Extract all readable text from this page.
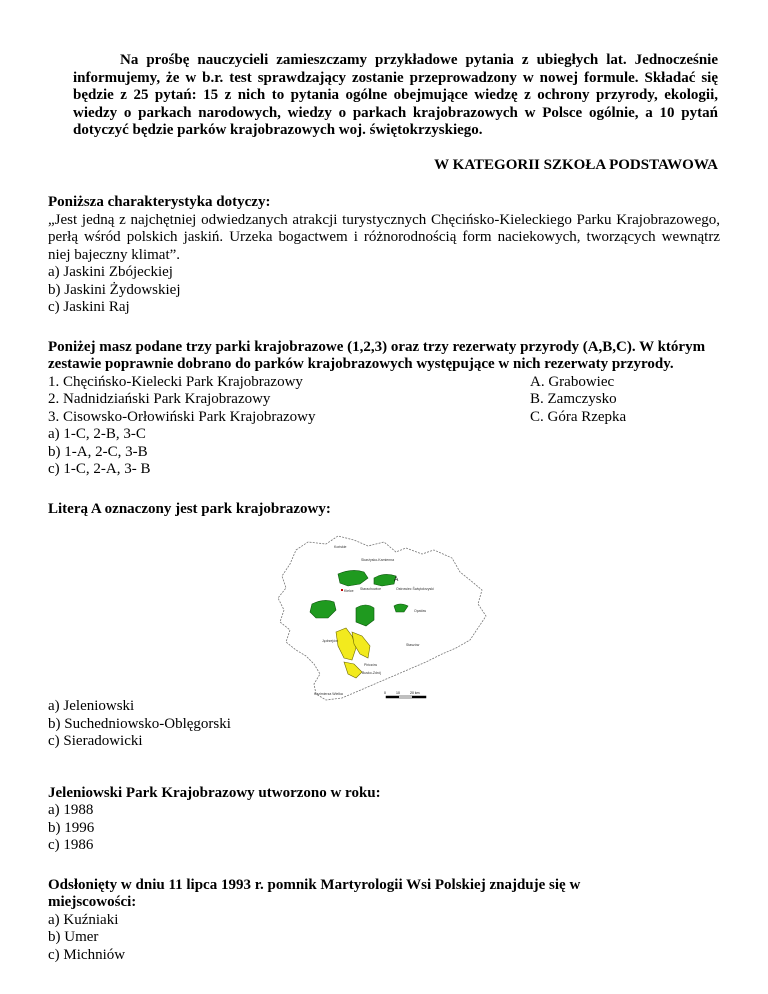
Na prośbę nauczycieli zamieszczamy przykładowe pytania z ubiegłych lat. Jednocześnie informujemy, że w b.r. test sprawdzający zostanie przeprowadzony w nowej formule. Składać się będzie z 25 pytań: 15 z nich to pytania ogólne obejmujące wiedzę z ochrony przyrody, ekologii, wiedzy o parkach narodowych, wiedzy o parkach krajobrazowych w Polsce ogólnie, a 10 pytań dotyczyć będzie parków krajobrazowych woj. świętokrzyskiego.

W KATEGORII SZKOŁA PODSTAWOWA

Poniższa charakterystyka dotyczy:

„Jest jedną z najchętniej odwiedzanych atrakcji turystycznych Chęcińsko-Kieleckiego Parku Krajobrazowego, perłą wśród polskich jaskiń. Urzeka bogactwem i różnorodnością form naciekowych, tworzących wewnątrz niej bajeczny klimat”.

a) Jaskini Zbójeckiej
b) Jaskini Żydowskiej
c) Jaskini Raj

Poniżej masz podane trzy parki krajobrazowe (1,2,3) oraz trzy rezerwaty przyrody (A,B,C). W którym zestawie poprawnie dobrano do parków krajobrazowych występujące w nich rezerwaty przyrody.

1. Chęcińsko-Kielecki Park Krajobrazowy	A. Grabowiec
2. Nadnidziański Park Krajobrazowy	B. Zamczysko
3. Cisowsko-Orłowiński Park Krajobrazowy	C. Góra Rzepka
a) 1-C, 2-B, 3-C
b) 1-A, 2-C, 3-B
c) 1-C, 2-A, 3- B

Literą A oznaczony jest park krajobrazowy:

A
Końskie
Skarżysko-Kamienna
Kielce	Ostrowiec Świętokrzyski
Opatów
Starachowice
Busko-Zdrój
Pińczów
Kazimierza Wielka
Staszów
Jędrzejów
0	10	20 km
a) Jeleniowski
b) Suchedniowsko-Oblęgorski
c) Sieradowicki

Jeleniowski Park Krajobrazowy utworzono w roku:

a) 1988
b) 1996
c) 1986

Odsłonięty w dniu 11 lipca 1993 r. pomnik Martyrologii Wsi Polskiej znajduje się w miejscowości:

a) Kuźniaki
b) Umer
c) Michniów
